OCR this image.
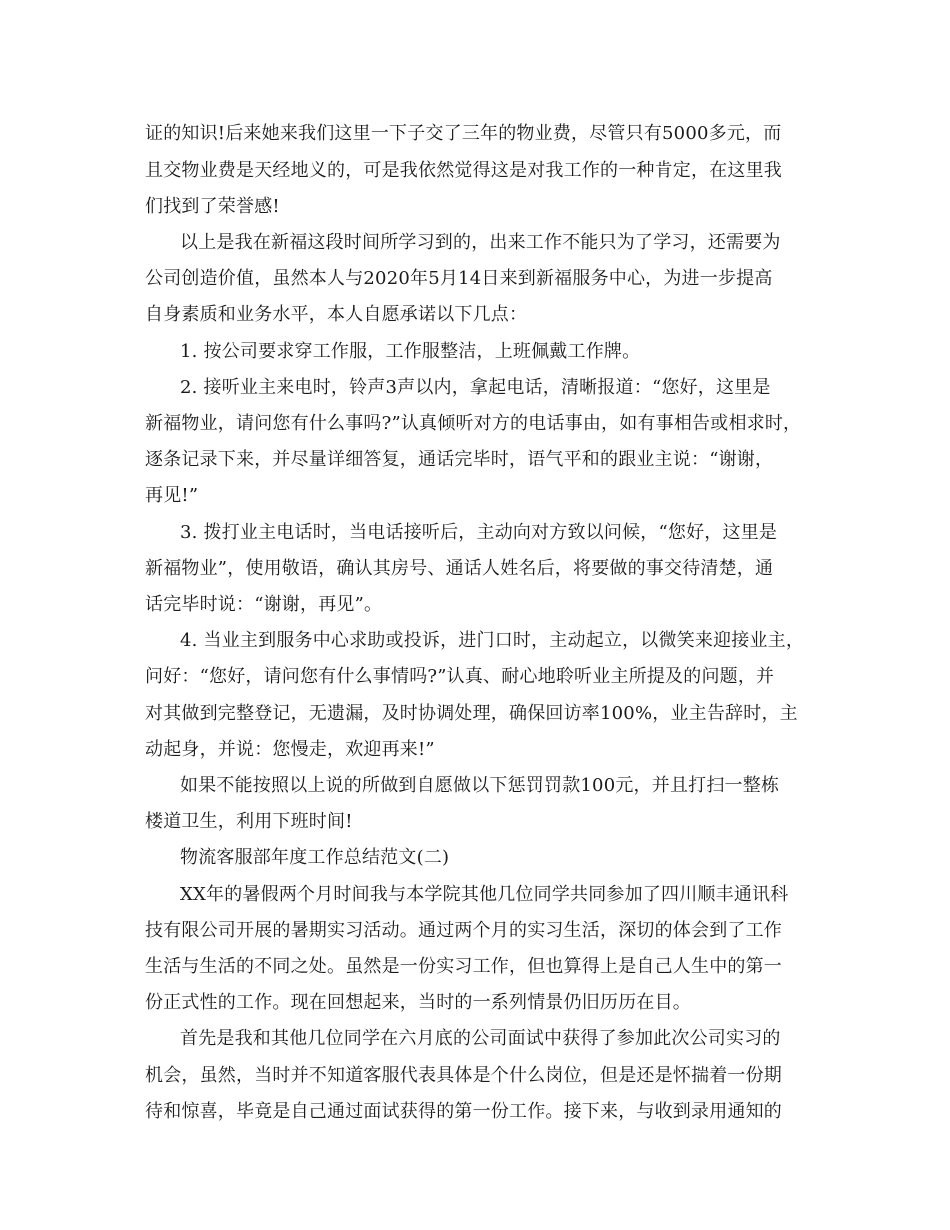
证的知识!后来她来我们这里一下子交了三年的物业费，尽管只有5000多元，而
且交物业费是天经地义的，可是我依然觉得这是对我工作的一种肯定，在这里我
们找到了荣誉感!
以上是我在新福这段时间所学习到的，出来工作不能只为了学习，还需要为
公司创造价值，虽然本人与2020年5月14日来到新福服务中心，为进一步提高
自身素质和业务水平，本人自愿承诺以下几点：
1. 按公司要求穿工作服，工作服整洁，上班佩戴工作牌。
2. 接听业主来电时，铃声3声以内，拿起电话，清晰报道：“您好，这里是
新福物业，请问您有什么事吗?”认真倾听对方的电话事由，如有事相告或相求时，
逐条记录下来，并尽量详细答复，通话完毕时，语气平和的跟业主说：“谢谢，
再见!”
3. 拨打业主电话时，当电话接听后，主动向对方致以问候，“您好，这里是
新福物业”，使用敬语，确认其房号、通话人姓名后，将要做的事交待清楚，通
话完毕时说：“谢谢，再见”。
4. 当业主到服务中心求助或投诉，进门口时，主动起立，以微笑来迎接业主，
问好：“您好，请问您有什么事情吗?”认真、耐心地聆听业主所提及的问题，并
对其做到完整登记，无遗漏，及时协调处理，确保回访率100%，业主告辞时，主
动起身，并说：您慢走，欢迎再来!”
如果不能按照以上说的所做到自愿做以下惩罚罚款100元，并且打扫一整栋
楼道卫生，利用下班时间!
物流客服部年度工作总结范文(二)
XX年的暑假两个月时间我与本学院其他几位同学共同参加了四川顺丰通讯科
技有限公司开展的暑期实习活动。通过两个月的实习生活，深切的体会到了工作
生活与生活的不同之处。虽然是一份实习工作，但也算得上是自己人生中的第一
份正式性的工作。现在回想起来，当时的一系列情景仍旧历历在目。
首先是我和其他几位同学在六月底的公司面试中获得了参加此次公司实习的
机会，虽然，当时并不知道客服代表具体是个什么岗位，但是还是怀揣着一份期
待和惊喜，毕竟是自己通过面试获得的第一份工作。接下来，与收到录用通知的
